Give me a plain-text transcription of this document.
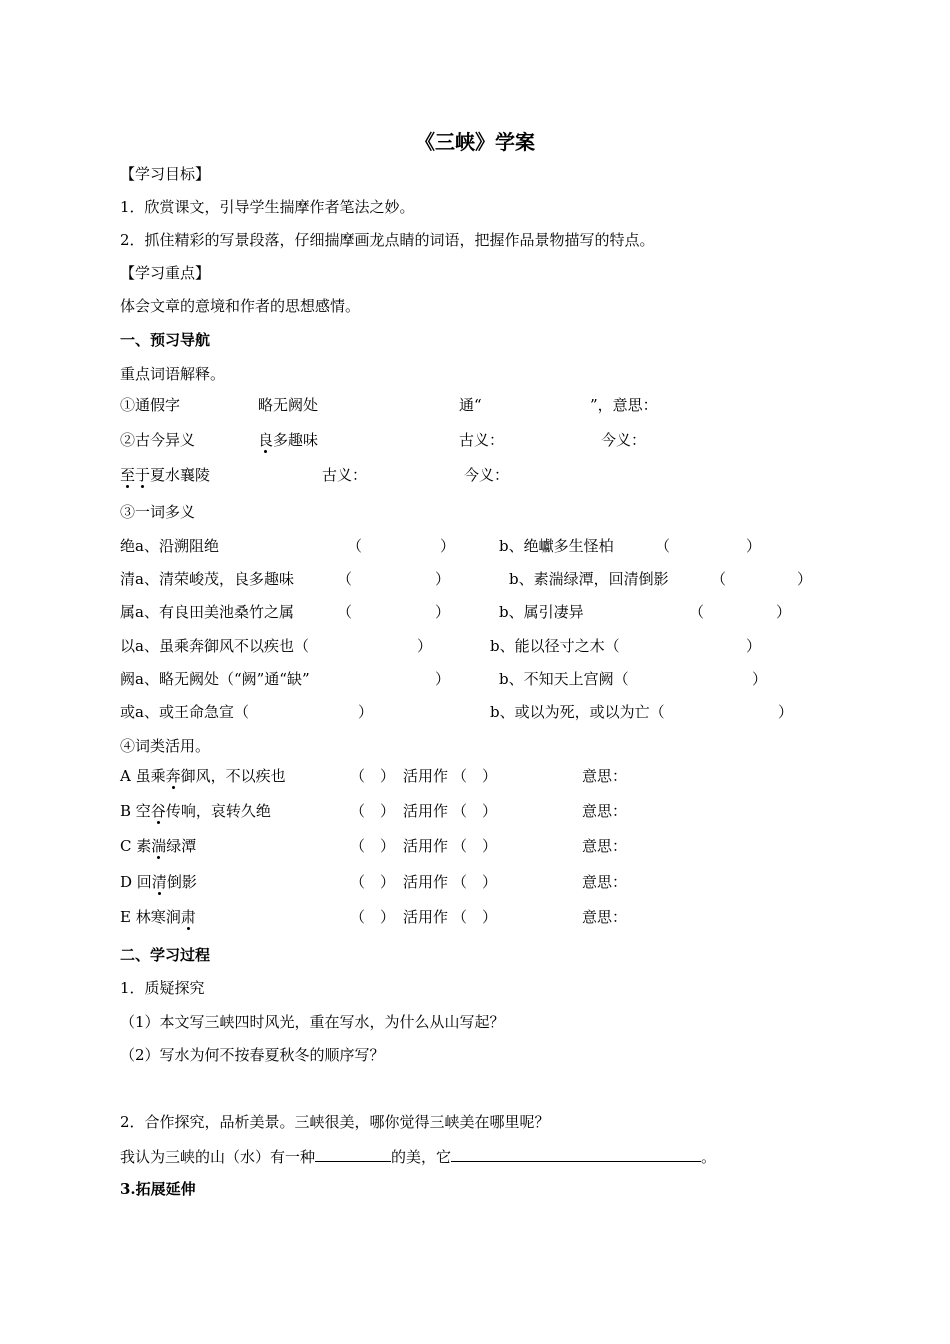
《三峡》学案
【学习目标】
1．欣赏课文，引导学生揣摩作者笔法之妙。
2．抓住精彩的写景段落，仔细揣摩画龙点睛的词语，把握作品景物描写的特点。
【学习重点】
体会文章的意境和作者的思想感情。
一、预习导航
重点词语解释。
①通假字	略无阙处	通“	”，意思：
②古今异义	良多趣味	古义：	今义：
至于夏水襄陵	古义：	今义：
③一词多义
绝a、沿溯阻绝	（	）	b、绝巘多生怪柏	（	）
清a、清荣峻茂，良多趣味	（	）	b、素湍绿潭，回清倒影	（	）
属a、有良田美池桑竹之属	（	）	b、属引凄异	（	）
以a、虽乘奔御风不以疾也（	）	b、能以径寸之木（	）
阙a、略无阙处（“阙”通“缺”	）	b、不知天上宫阙（	）
或a、或王命急宣（	）	b、或以为死，或以为亡（	）
④词类活用。
A 虽乘奔御风，不以疾也	（　） 活用作 （　）	意思：
B 空谷传响，哀转久绝	（　） 活用作 （　）	意思：
C 素湍绿潭	（　） 活用作 （　）	意思：
D 回清倒影	（　） 活用作 （　）	意思：
E 林寒涧肃	（　） 活用作 （　）	意思：
二、学习过程
1．质疑探究
（1）本文写三峡四时风光，重在写水，为什么从山写起？
（2）写水为何不按春夏秋冬的顺序写？
2．合作探究，品析美景。三峡很美，哪你觉得三峡美在哪里呢？
我认为三峡的山（水）有一种	的美，它	。
3.拓展延伸
